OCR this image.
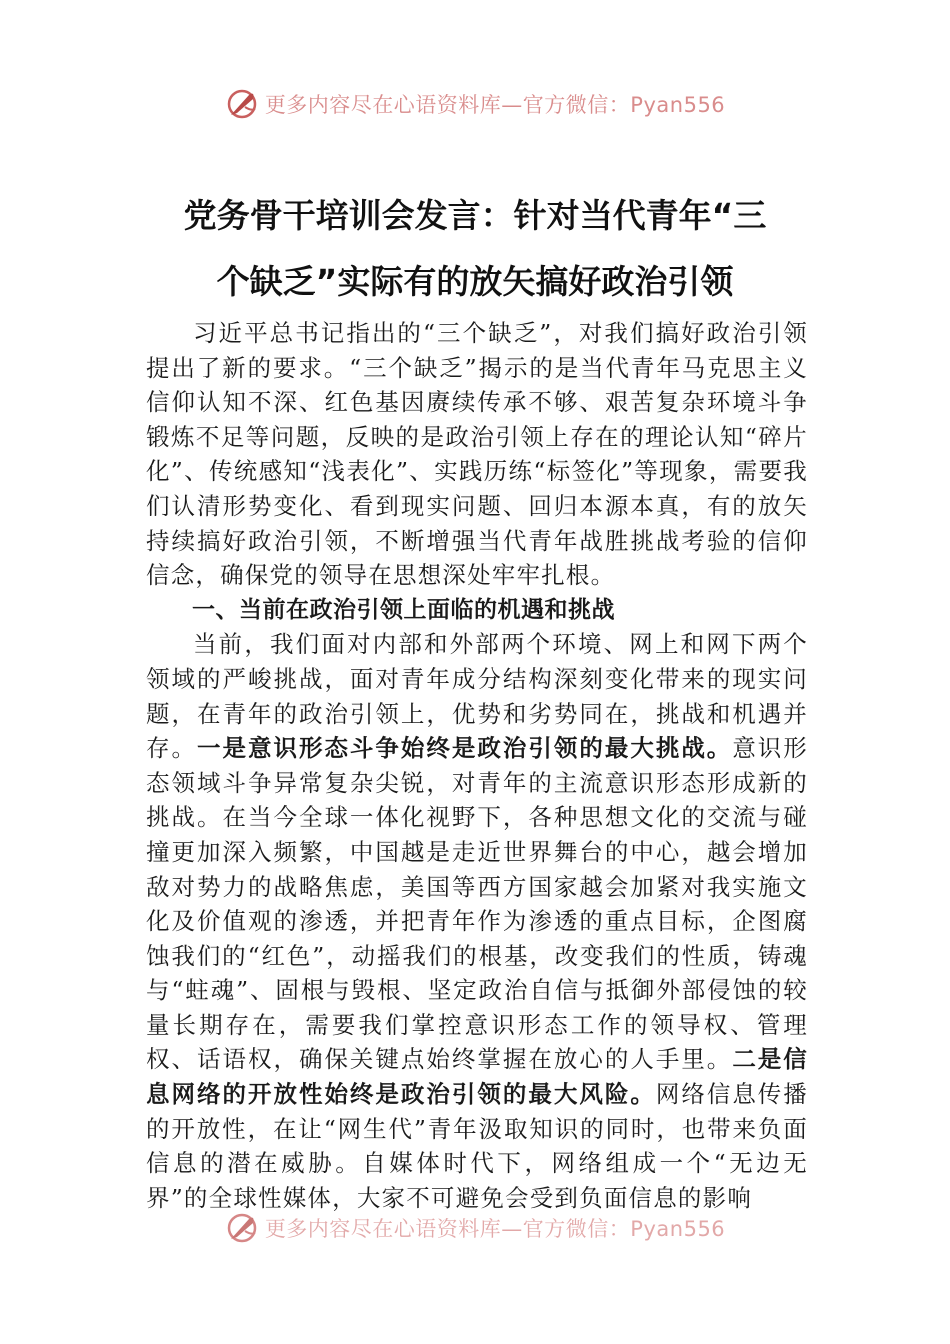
更多内容尽在心语资料库—官方微信：Pyan556
党务骨干培训会发言：针对当代青年“三
个缺乏”实际有的放矢搞好政治引领

习近平总书记指出的“三个缺乏”，对我们搞好政治引领提出了新的要求。“三个缺乏”揭示的是当代青年马克思主义信仰认知不深、红色基因赓续传承不够、艰苦复杂环境斗争锻炼不足等问题，反映的是政治引领上存在的理论认知“碎片化”、传统感知“浅表化”、实践历练“标签化”等现象，需要我们认清形势变化、看到现实问题、回归本源本真，有的放矢持续搞好政治引领，不断增强当代青年战胜挑战考验的信仰信念，确保党的领导在思想深处牢牢扎根。

一、当前在政治引领上面临的机遇和挑战

当前，我们面对内部和外部两个环境、网上和网下两个领域的严峻挑战，面对青年成分结构深刻变化带来的现实问题，在青年的政治引领上，优势和劣势同在，挑战和机遇并存。一是意识形态斗争始终是政治引领的最大挑战。意识形态领域斗争异常复杂尖锐，对青年的主流意识形态形成新的挑战。在当今全球一体化视野下，各种思想文化的交流与碰撞更加深入频繁，中国越是走近世界舞台的中心，越会增加敌对势力的战略焦虑，美国等西方国家越会加紧对我实施文化及价值观的渗透，并把青年作为渗透的重点目标，企图腐蚀我们的“红色”，动摇我们的根基，改变我们的性质，铸魂与“蛀魂”、固根与毁根、坚定政治自信与抵御外部侵蚀的较量长期存在，需要我们掌控意识形态工作的领导权、管理权、话语权，确保关键点始终掌握在放心的人手里。二是信息网络的开放性始终是政治引领的最大风险。网络信息传播的开放性，在让“网生代”青年汲取知识的同时，也带来负面信息的潜在威胁。自媒体时代下，网络组成一个“无边无界”的全球性媒体，大家不可避免会受到负面信息的影响

更多内容尽在心语资料库—官方微信：Pyan556
